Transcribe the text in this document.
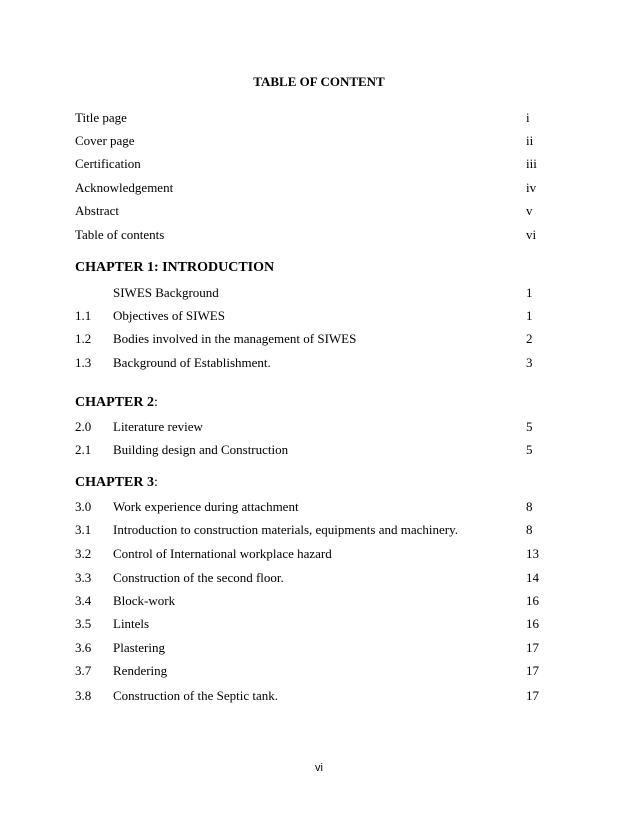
TABLE OF CONTENT
Title page	i
Cover page	ii
Certification	iii
Acknowledgement	iv
Abstract	v
Table of contents	vi
CHAPTER 1: INTRODUCTION
SIWES Background	1
1.1 Objectives of SIWES	1
1.2 Bodies involved in the management of SIWES	2
1.3 Background of Establishment.	3
CHAPTER 2:
2.0 Literature review	5
2.1 Building design and Construction	5
CHAPTER 3:
3.0 Work experience during attachment	8
3.1 Introduction to construction materials, equipments and machinery.	8
3.2 Control of International workplace hazard	13
3.3 Construction of the second floor.	14
3.4 Block-work	16
3.5 Lintels	16
3.6 Plastering	17
3.7 Rendering	17
3.8 Construction of the Septic tank.	17
vi
